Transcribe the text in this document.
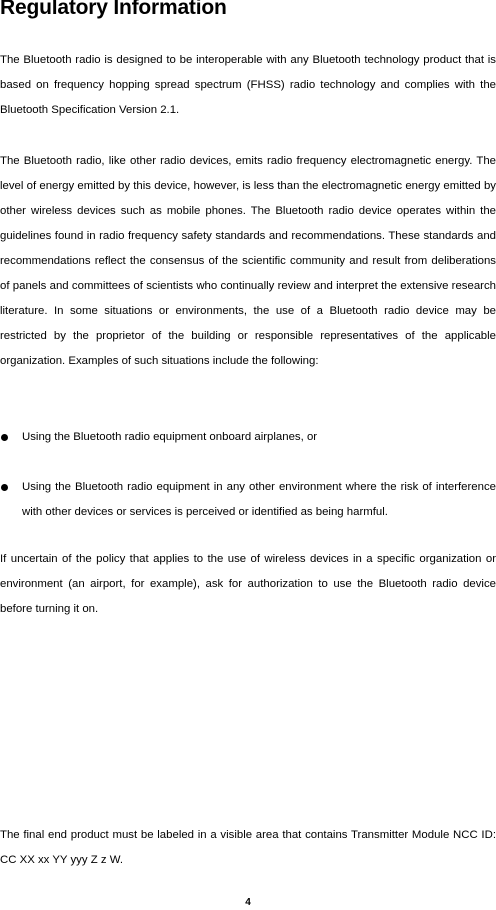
Regulatory Information

The Bluetooth radio is designed to be interoperable with any Bluetooth technology product that is based on frequency hopping spread spectrum (FHSS) radio technology and complies with the Bluetooth Specification Version 2.1.

The Bluetooth radio, like other radio devices, emits radio frequency electromagnetic energy. The level of energy emitted by this device, however, is less than the electromagnetic energy emitted by other wireless devices such as mobile phones. The Bluetooth radio device operates within the guidelines found in radio frequency safety standards and recommendations. These standards and recommendations reflect the consensus of the scientific community and result from deliberations of panels and committees of scientists who continually review and interpret the extensive research literature. In some situations or environments, the use of a Bluetooth radio device may be restricted by the proprietor of the building or responsible representatives of the applicable organization. Examples of such situations include the following:

Using the Bluetooth radio equipment onboard airplanes, or

Using the Bluetooth radio equipment in any other environment where the risk of interference with other devices or services is perceived or identified as being harmful.

If uncertain of the policy that applies to the use of wireless devices in a specific organization or environment (an airport, for example), ask for authorization to use the Bluetooth radio device before turning it on.

The final end product must be labeled in a visible area that contains Transmitter Module NCC ID: CC XX xx YY yyy Z z W.

4
